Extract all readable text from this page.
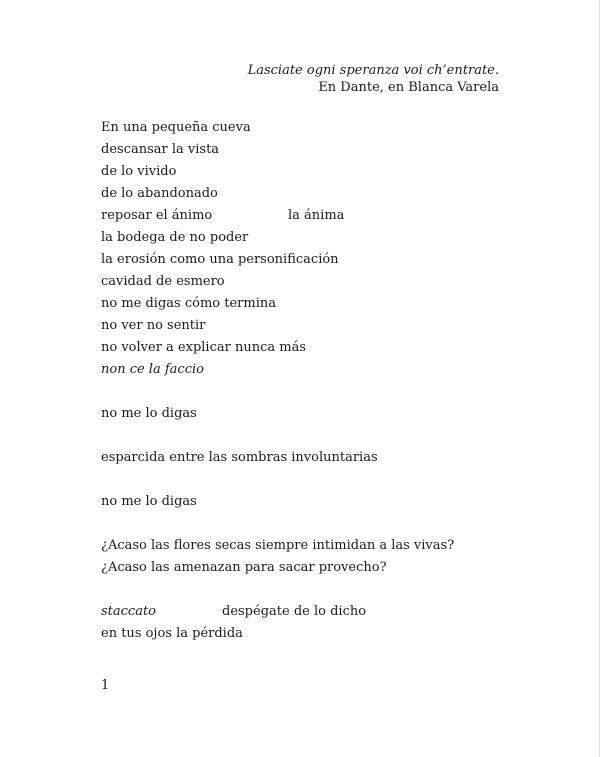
Lasciate ogni speranza voi ch’entrate.
En Dante, en Blanca Varela
En una pequeña cueva
descansar la vista
de lo vivido
de lo abandonado
reposar el ánimo	la ánima
la bodega de no poder
la erosión como una personificación
cavidad de esmero
no me digas cómo termina
no ver no sentir
no volver a explicar nunca más
non ce la faccio
no me lo digas
esparcida entre las sombras involuntarias
no me lo digas
¿Acaso las flores secas siempre intimidan a las vivas?
¿Acaso las amenazan para sacar provecho?
staccato	despégate de lo dicho
en tus ojos la pérdida
1
